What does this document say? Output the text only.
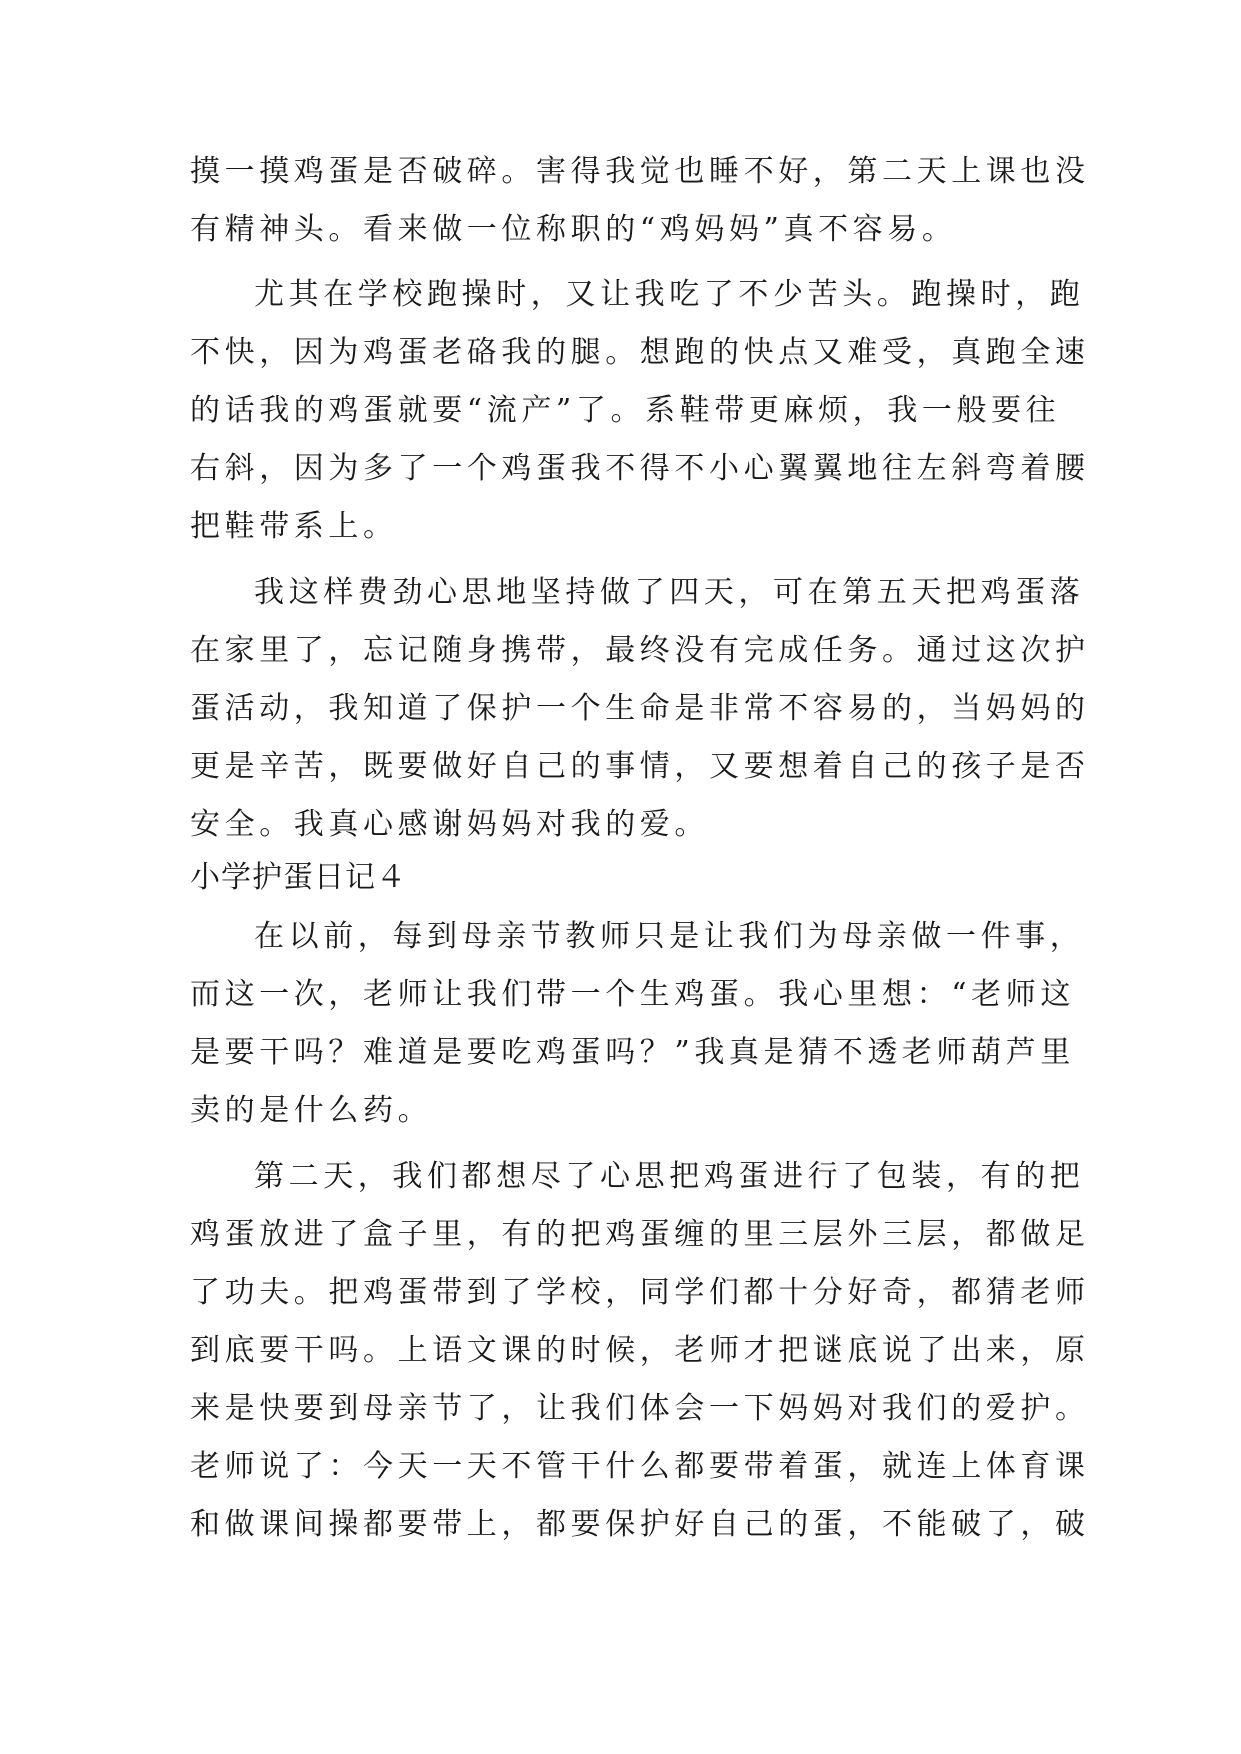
摸一摸鸡蛋是否破碎。害得我觉也睡不好，第二天上课也没
有精神头。看来做一位称职的“鸡妈妈”真不容易。
尤其在学校跑操时，又让我吃了不少苦头。跑操时，跑
不快，因为鸡蛋老硌我的腿。想跑的快点又难受，真跑全速
的话我的鸡蛋就要“流产”了。系鞋带更麻烦，我一般要往
右斜，因为多了一个鸡蛋我不得不小心翼翼地往左斜弯着腰
把鞋带系上。
我这样费劲心思地坚持做了四天，可在第五天把鸡蛋落
在家里了，忘记随身携带，最终没有完成任务。通过这次护
蛋活动，我知道了保护一个生命是非常不容易的，当妈妈的
更是辛苦，既要做好自己的事情，又要想着自己的孩子是否
安全。我真心感谢妈妈对我的爱。
小学护蛋日记４
在以前，每到母亲节教师只是让我们为母亲做一件事，
而这一次，老师让我们带一个生鸡蛋。我心里想：“老师这
是要干吗？难道是要吃鸡蛋吗？”我真是猜不透老师葫芦里
卖的是什么药。
第二天，我们都想尽了心思把鸡蛋进行了包装，有的把
鸡蛋放进了盒子里，有的把鸡蛋缠的里三层外三层，都做足
了功夫。把鸡蛋带到了学校，同学们都十分好奇，都猜老师
到底要干吗。上语文课的时候，老师才把谜底说了出来，原
来是快要到母亲节了，让我们体会一下妈妈对我们的爱护。
老师说了：今天一天不管干什么都要带着蛋，就连上体育课
和做课间操都要带上，都要保护好自己的蛋，不能破了，破
